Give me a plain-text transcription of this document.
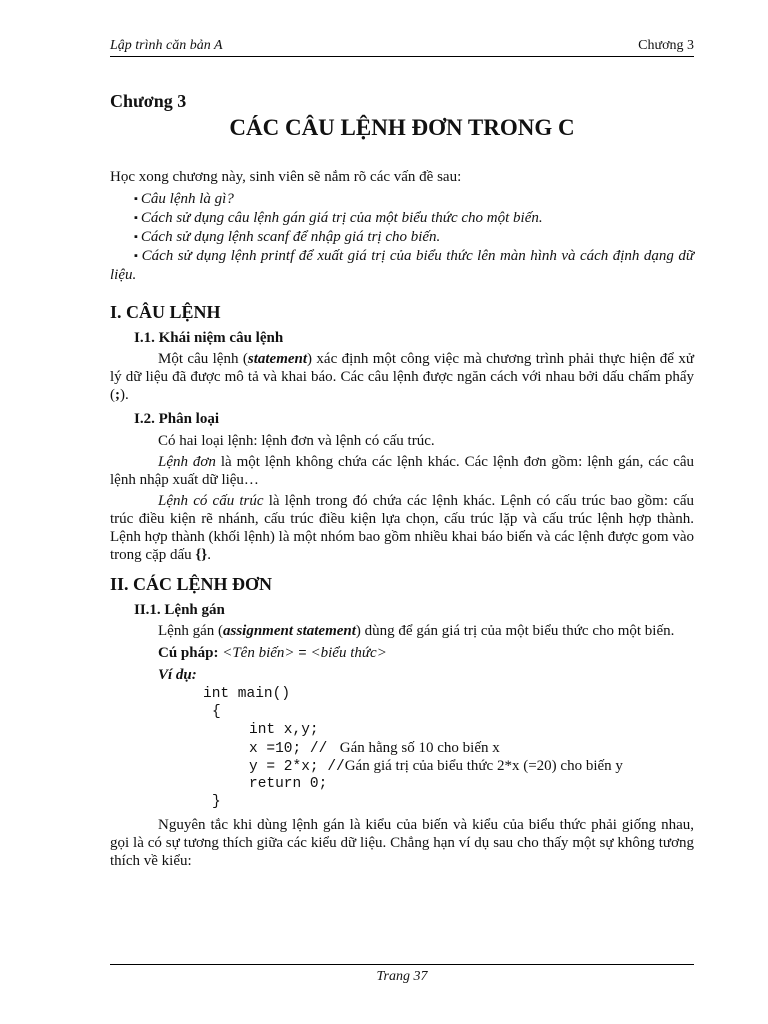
Lập trình căn bản A	Chương 3
Chương 3
CÁC CÂU LỆNH ĐƠN TRONG C

Học xong chương này, sinh viên sẽ nắm rõ các vấn đề sau:

▪ Câu lệnh là gì?
▪ Cách sử dụng câu lệnh gán giá trị của một biểu thức cho một biến.
▪ Cách sử dụng lệnh scanf để nhập giá trị cho biến.
▪ Cách sử dụng lệnh printf để xuất giá trị của biểu thức lên màn hình và cách định dạng dữ liệu.
I. CÂU LỆNH
I.1. Khái niệm câu lệnh

Một câu lệnh (statement) xác định một công việc mà chương trình phải thực hiện để xử lý dữ liệu đã được mô tả và khai báo. Các câu lệnh được ngăn cách với nhau bởi dấu chấm phẩy (;).

I.2. Phân loại

Có hai loại lệnh: lệnh đơn và lệnh có cấu trúc.

Lệnh đơn là một lệnh không chứa các lệnh khác. Các lệnh đơn gồm: lệnh gán, các câu lệnh nhập xuất dữ liệu…

Lệnh có cấu trúc là lệnh trong đó chứa các lệnh khác. Lệnh có cấu trúc bao gồm: cấu trúc điều kiện rẽ nhánh, cấu trúc điều kiện lựa chọn, cấu trúc lặp và cấu trúc lệnh hợp thành. Lệnh hợp thành (khối lệnh) là một nhóm bao gồm nhiều khai báo biến và các lệnh được gom vào trong cặp dấu {}.

II. CÁC LỆNH ĐƠN
II.1. Lệnh gán

Lệnh gán (assignment statement) dùng để gán giá trị của một biểu thức cho một biến.

Cú pháp: <Tên biến> = <biểu thức>

Ví dụ:

int main()
{
int x,y;
x =10; //  Gán hằng số 10 cho biến x
y = 2*x; //Gán giá trị của biểu thức 2*x (=20) cho biến y
return 0;
}

Nguyên tắc khi dùng lệnh gán là kiểu của biến và kiểu của biểu thức phải giống nhau, gọi là có sự tương thích giữa các kiểu dữ liệu. Chẳng hạn ví dụ sau cho thấy một sự không tương thích về kiểu:

Trang 37
